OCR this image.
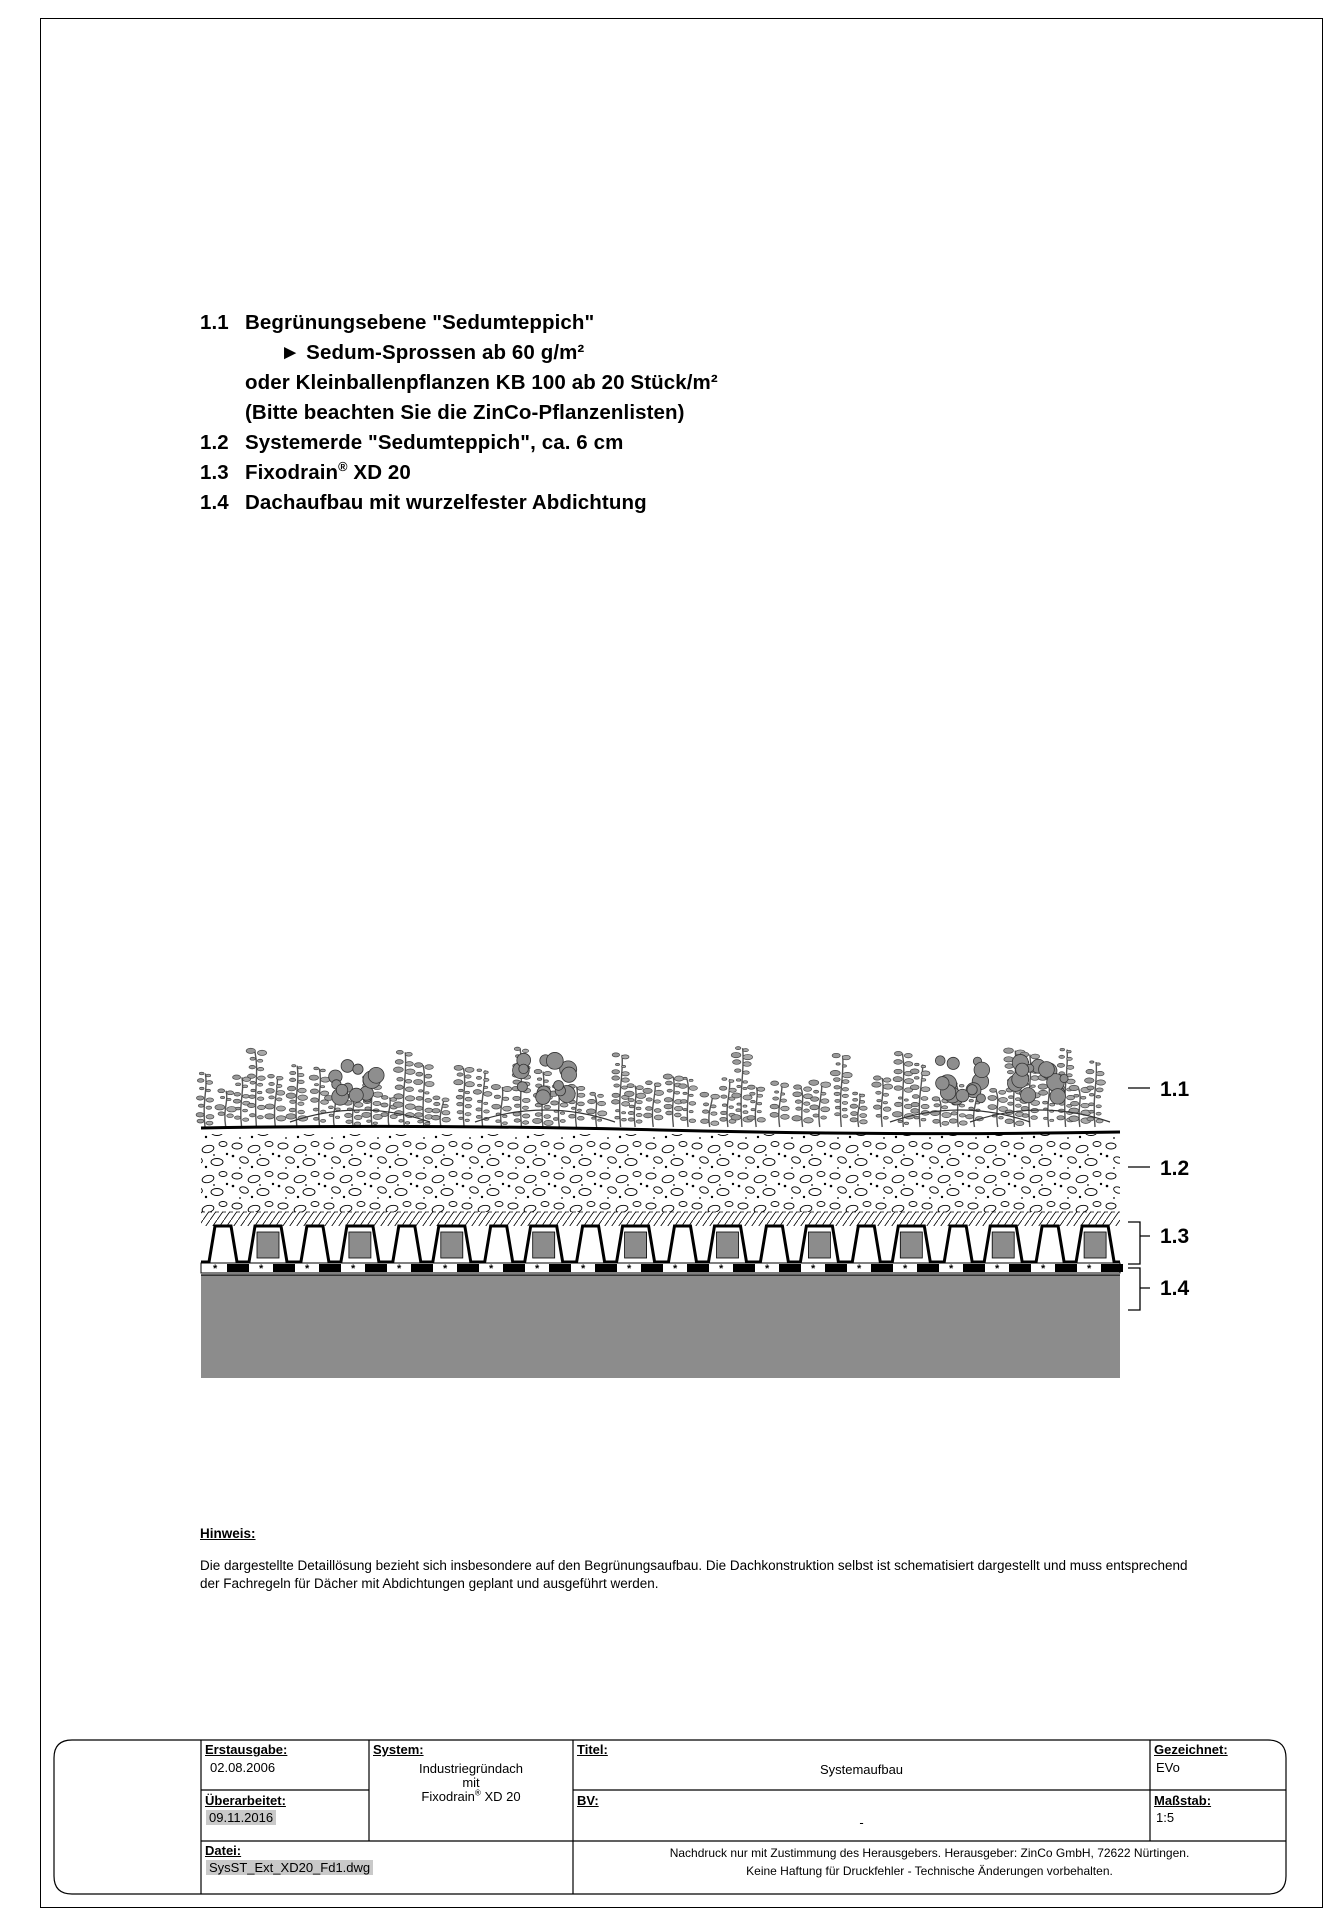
1.1 Begrünungsebene "Sedumteppich"
► Sedum-Sprossen ab 60 g/m²
oder Kleinballenpflanzen KB 100 ab 20 Stück/m²
(Bitte beachten Sie die ZinCo-Pflanzenlisten)
1.2 Systemerde "Sedumteppich", ca. 6 cm
1.3 Fixodrain® XD 20
1.4 Dachaufbau mit wurzelfester Abdichtung
*	*	*	*	*	*	*	*	*	*	*	*	*	*	*	*	*	*	*	*
1.1
1.2
1.3
1.4
Hinweis:
Die dargestellte Detaillösung bezieht sich insbesondere auf den Begrünungsaufbau. Die Dachkonstruktion selbst ist schematisiert dargestellt und muss entsprechend der Fachregeln für Dächer mit Abdichtungen geplant und ausgeführt werden.
Erstausgabe:
02.08.2006
Überarbeitet:
09.11.2016
Datei:
SysST_Ext_XD20_Fd1.dwg
System:
Industriegründach
mit
Fixodrain® XD 20
Titel:
Systemaufbau
BV:
-
Gezeichnet:
EVo
Maßstab:
1:5
Nachdruck nur mit Zustimmung des Herausgebers. Herausgeber: ZinCo GmbH, 72622 Nürtingen.
Keine Haftung für Druckfehler - Technische Änderungen vorbehalten.
